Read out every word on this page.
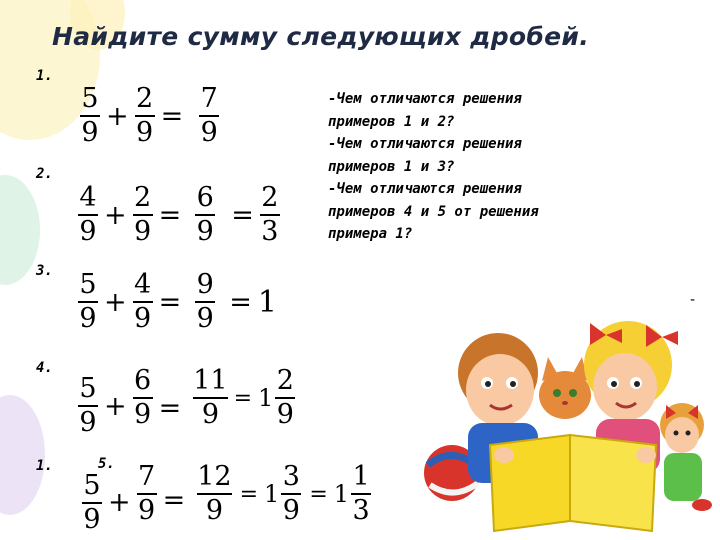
Найдите сумму следующих дробей.
1.
$\frac{5}{9} + \frac{2}{9} = \frac{7}{9}$
2.
$\frac{4}{9} + \frac{2}{9} = \frac{6}{9} = \frac{2}{3}$
3.
$\frac{5}{9} + \frac{4}{9} = \frac{9}{9} = 1$
4.
$\frac{5}{9} + \frac{6}{9} = \frac{11}{9} = 1 \frac{2}{9}$
1.	5.
$\frac{5}{9} + \frac{7}{9} = \frac{12}{9} = 1 \frac{3}{9} = 1 \frac{1}{3}$
-Чем отличаются решения
примеров 1 и 2?
-Чем отличаются решения
примеров 1 и 3?
-Чем отличаются решения
примеров 4 и 5 от решения
примера 1?
-
